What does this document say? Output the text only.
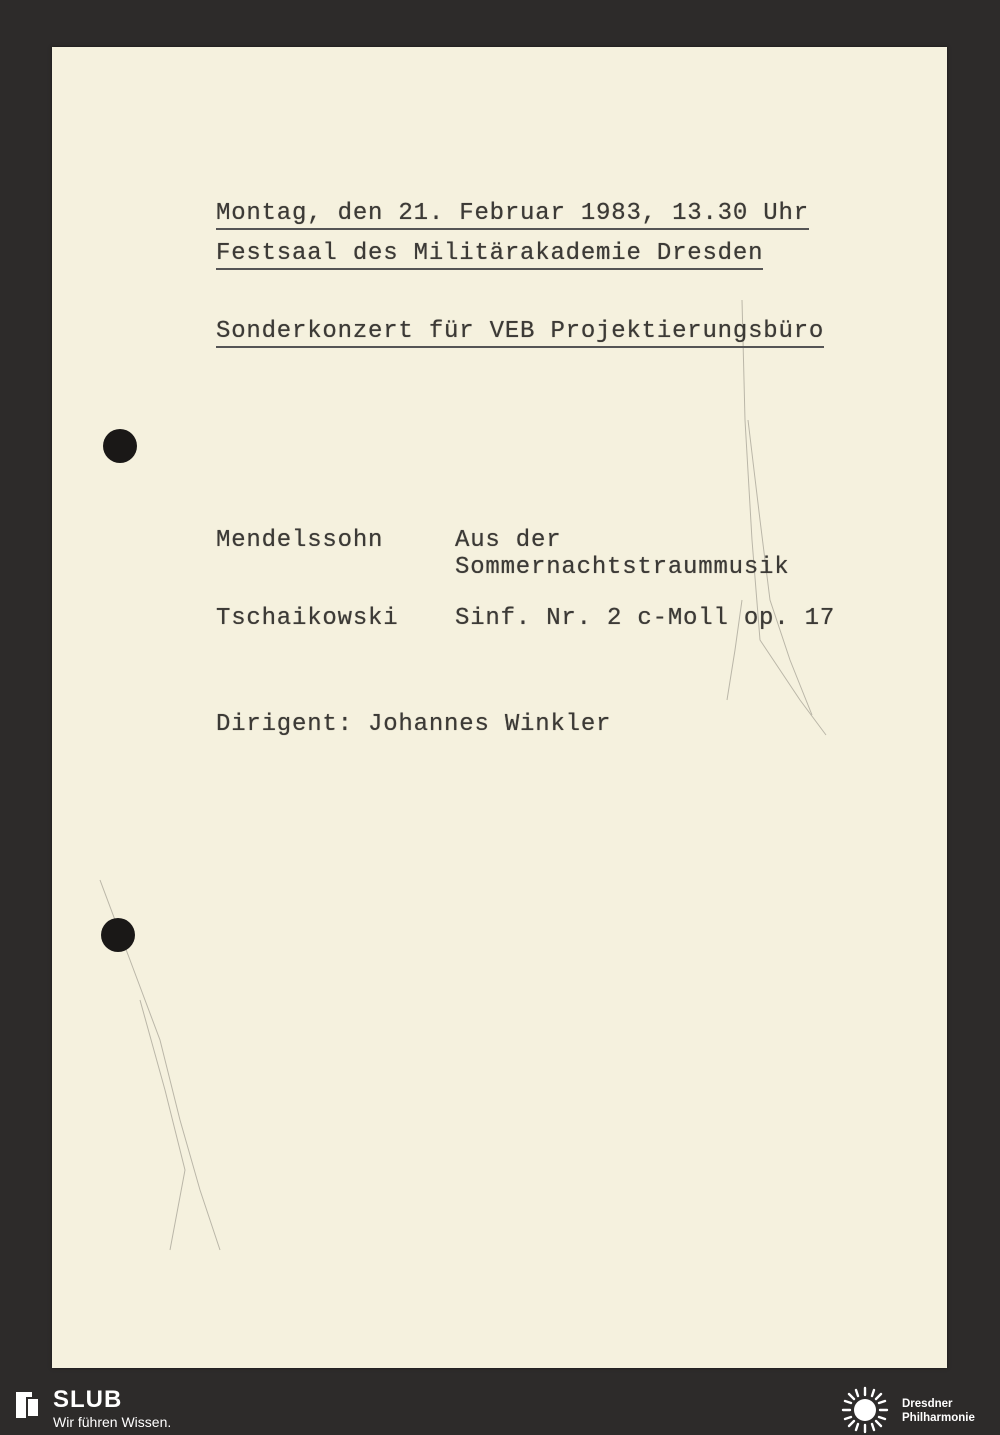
Montag, den 21. Februar 1983, 13.30 Uhr
Festsaal des Militärakademie Dresden
Sonderkonzert für VEB Projektierungsbüro
Mendelssohn	Aus der
Sommernachtstraummusik
Tschaikowski Sinf. Nr. 2 c-Moll op. 17
Dirigent: Johannes Winkler
SLUB
Wir führen Wissen.
Dresdner
Philharmonie
